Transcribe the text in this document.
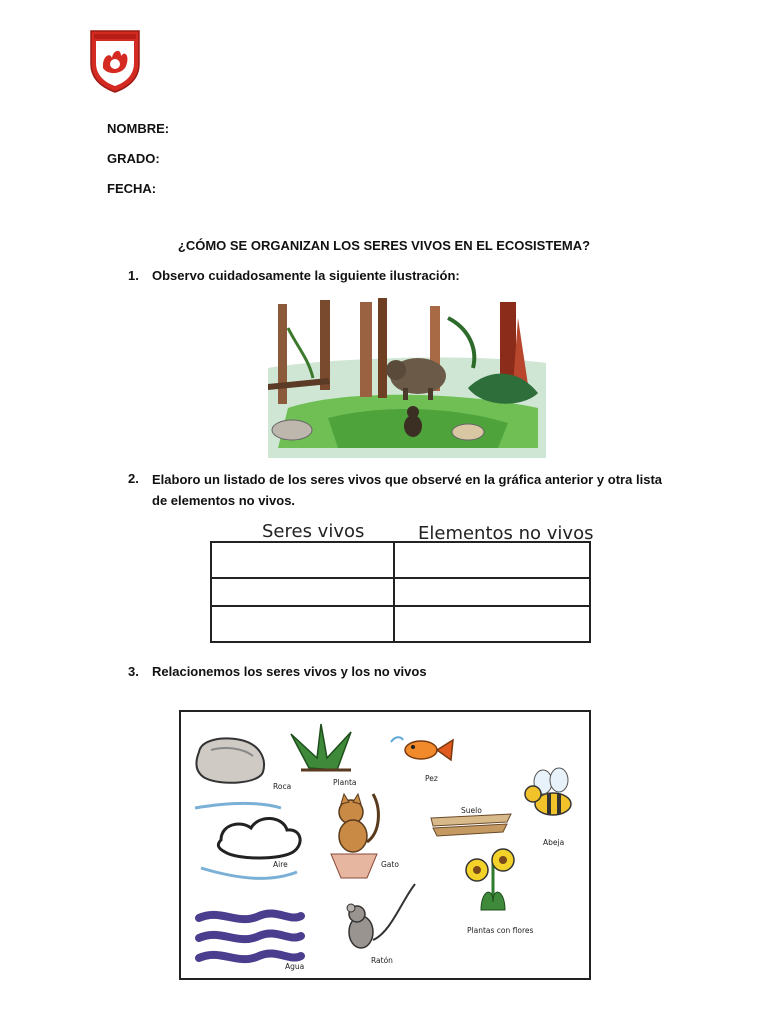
NOMBRE:
GRADO:
FECHA:
¿CÓMO SE ORGANIZAN LOS SERES VIVOS EN EL ECOSISTEMA?
1. Observo cuidadosamente la siguiente ilustración:
2. Elaboro un listado de los seres vivos que observé en la gráfica anterior y otra lista de elementos no vivos.
Seres vivos	Elementos no vivos
3. Relacionemos los seres vivos y los no vivos
Roca	Planta	Pez
Abeja
Suelo
Aire	Gato
Plantas con flores
Agua
Ratón
